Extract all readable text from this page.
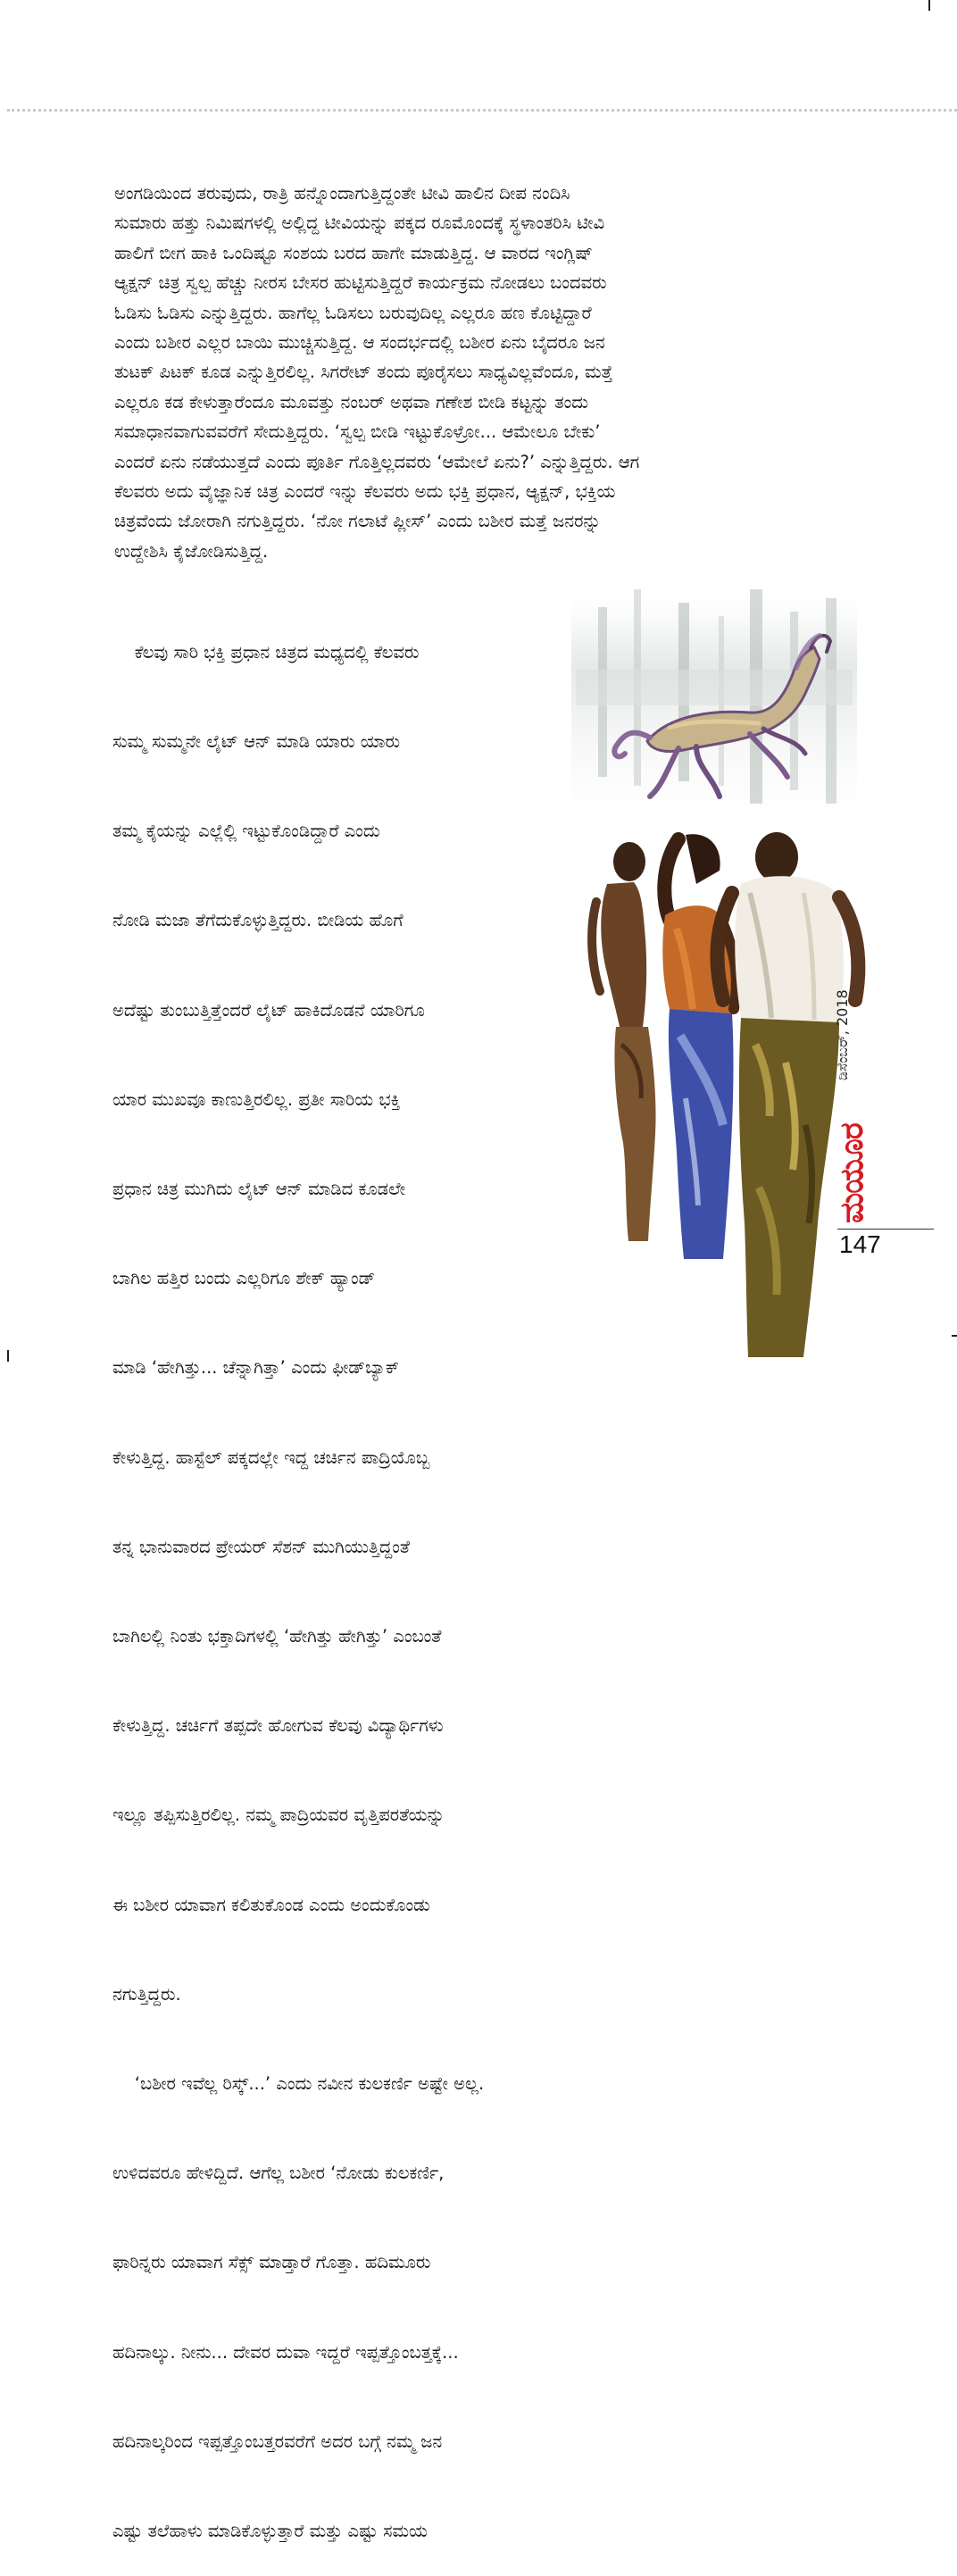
ಅಂಗಡಿಯಿಂದ ತರುವುದು, ರಾತ್ರಿ ಹನ್ನೊಂದಾಗುತ್ತಿದ್ದಂತೇ ಟೀವಿ ಹಾಲಿನ ದೀಪ ನಂದಿಸಿ
ಸುಮಾರು ಹತ್ತು ನಿಮಿಷಗಳಲ್ಲಿ ಅಲ್ಲಿದ್ದ ಟೀವಿಯನ್ನು ಪಕ್ಕದ ರೂಮೊಂದಕ್ಕೆ ಸ್ಥಳಾಂತರಿಸಿ ಟೀವಿ
ಹಾಲಿಗೆ ಬೀಗ ಹಾಕಿ ಒಂದಿಷ್ಟೂ ಸಂಶಯ ಬರದ ಹಾಗೇ ಮಾಡುತ್ತಿದ್ದ. ಆ ವಾರದ ಇಂಗ್ಲಿಷ್
ಆ್ಯಕ್ಷನ್ ಚಿತ್ರ ಸ್ವಲ್ಪ ಹೆಚ್ಚು ನೀರಸ ಬೇಸರ ಹುಟ್ಟಿಸುತ್ತಿದ್ದರೆ ಕಾರ್ಯಕ್ರಮ ನೋಡಲು ಬಂದವರು
ಓಡಿಸು ಓಡಿಸು ಎನ್ನುತ್ತಿದ್ದರು. ಹಾಗೆಲ್ಲ ಓಡಿಸಲು ಬರುವುದಿಲ್ಲ ಎಲ್ಲರೂ ಹಣ ಕೊಟ್ಟಿದ್ದಾರೆ
ಎಂದು ಬಶೀರ ಎಲ್ಲರ ಬಾಯಿ ಮುಚ್ಚಿಸುತ್ತಿದ್ದ. ಆ ಸಂದರ್ಭದಲ್ಲಿ ಬಶೀರ ಏನು ಬೈದರೂ ಜನ
ತುಟಕ್ ಪಿಟಕ್ ಕೂಡ ಎನ್ನುತ್ತಿರಲಿಲ್ಲ. ಸಿಗರೇಟ್ ತಂದು ಪೂರೈಸಲು ಸಾಧ್ಯವಿಲ್ಲವೆಂದೂ, ಮತ್ತೆ
ಎಲ್ಲರೂ ಕಡ ಕೇಳುತ್ತಾರೆಂದೂ ಮೂವತ್ತು ನಂಬರ್ ಅಥವಾ ಗಣೇಶ ಬೀಡಿ ಕಟ್ಟನ್ನು ತಂದು
ಸಮಾಧಾನವಾಗುವವರೆಗೆ ಸೇದುತ್ತಿದ್ದರು. ‘ಸ್ವಲ್ಪ ಬೀಡಿ ಇಟ್ಟುಕೊಳ್ರೋ... ಆಮೇಲೂ ಬೇಕು’
ಎಂದರೆ ಏನು ನಡೆಯುತ್ತದೆ ಎಂದು ಪೂರ್ತಿ ಗೊತ್ತಿಲ್ಲದವರು ‘ಆಮೇಲೆ ಏನು?’ ಎನ್ನುತ್ತಿದ್ದರು. ಆಗ
ಕೆಲವರು ಅದು ವೈಜ್ಞಾನಿಕ ಚಿತ್ರ ಎಂದರೆ ಇನ್ನು ಕೆಲವರು ಅದು ಭಕ್ತಿ ಪ್ರಧಾನ, ಆ್ಯಕ್ಷನ್, ಭಕ್ತಿಯ
ಚಿತ್ರವೆಂದು ಜೋರಾಗಿ ನಗುತ್ತಿದ್ದರು. ‘ನೋ ಗಲಾಟೆ ಪ್ಲೀಸ್’ ಎಂದು ಬಶೀರ ಮತ್ತೆ ಜನರನ್ನು
ಉದ್ದೇಶಿಸಿ ಕೈಜೋಡಿಸುತ್ತಿದ್ದ.

ಕೆಲವು ಸಾರಿ ಭಕ್ತಿ ಪ್ರಧಾನ ಚಿತ್ರದ ಮಧ್ಯದಲ್ಲಿ ಕೆಲವರು

ಸುಮ್ಮ ಸುಮ್ಮನೇ ಲೈಟ್ ಆನ್ ಮಾಡಿ ಯಾರು ಯಾರು

ತಮ್ಮ ಕೈಯನ್ನು ಎಲ್ಲೆಲ್ಲಿ ಇಟ್ಟುಕೊಂಡಿದ್ದಾರೆ ಎಂದು

ನೋಡಿ ಮಜಾ ತೆಗೆದುಕೊಳ್ಳುತ್ತಿದ್ದರು. ಬೀಡಿಯ ಹೊಗೆ

ಅದೆಷ್ಟು ತುಂಬುತ್ತಿತ್ತೆಂದರೆ ಲೈಟ್ ಹಾಕಿದೊಡನೆ ಯಾರಿಗೂ

ಯಾರ ಮುಖವೂ ಕಾಣುತ್ತಿರಲಿಲ್ಲ. ಪ್ರತೀ ಸಾರಿಯ ಭಕ್ತಿ

ಪ್ರಧಾನ ಚಿತ್ರ ಮುಗಿದು ಲೈಟ್ ಆನ್ ಮಾಡಿದ ಕೂಡಲೇ

ಬಾಗಿಲ ಹತ್ತಿರ ಬಂದು ಎಲ್ಲರಿಗೂ ಶೇಕ್ ಹ್ಯಾಂಡ್

ಮಾಡಿ ‘ಹೇಗಿತ್ತು... ಚೆನ್ನಾಗಿತ್ತಾ’ ಎಂದು ಫೀಡ್‌ಬ್ಯಾಕ್

ಕೇಳುತ್ತಿದ್ದ. ಹಾಸ್ಟೆಲ್ ಪಕ್ಕದಲ್ಲೇ ಇದ್ದ ಚರ್ಚಿನ ಪಾದ್ರಿಯೊಬ್ಬ

ತನ್ನ ಭಾನುವಾರದ ಪ್ರೇಯರ್ ಸೆಶನ್ ಮುಗಿಯುತ್ತಿದ್ದಂತೆ

ಬಾಗಿಲಲ್ಲಿ ನಿಂತು ಭಕ್ತಾದಿಗಳಲ್ಲಿ ‘ಹೇಗಿತ್ತು ಹೇಗಿತ್ತು’ ಎಂಬಂತೆ

ಕೇಳುತ್ತಿದ್ದ. ಚರ್ಚಿಗೆ ತಪ್ಪದೇ ಹೋಗುವ ಕೆಲವು ವಿದ್ಯಾರ್ಥಿಗಳು

ಇಲ್ಲೂ ತಪ್ಪಿಸುತ್ತಿರಲಿಲ್ಲ. ನಮ್ಮ ಪಾದ್ರಿಯವರ ವೃತ್ತಿಪರತೆಯನ್ನು

ಈ ಬಶೀರ ಯಾವಾಗ ಕಲಿತುಕೊಂಡ ಎಂದು ಅಂದುಕೊಂಡು

ನಗುತ್ತಿದ್ದರು.

‘ಬಶೀರ ಇವೆಲ್ಲ ರಿಸ್ಕ್...’ ಎಂದು ನವೀನ ಕುಲಕರ್ಣಿ ಅಷ್ಟೇ ಅಲ್ಲ.

ಉಳಿದವರೂ ಹೇಳಿದ್ದಿದೆ. ಆಗೆಲ್ಲ ಬಶೀರ ‘ನೋಡು ಕುಲಕರ್ಣಿ,

ಫಾರಿನ್ನರು ಯಾವಾಗ ಸೆಕ್ಸ್ ಮಾಡ್ತಾರೆ ಗೊತ್ತಾ. ಹದಿಮೂರು

ಹದಿನಾಲ್ಕು. ನೀನು... ದೇವರ ದುವಾ ಇದ್ದರೆ ಇಪ್ಪತ್ತೊಂಬತ್ತಕ್ಕೆ...

ಹದಿನಾಲ್ಕರಿಂದ ಇಪ್ಪತ್ತೊಂಬತ್ತರವರೆಗೆ ಅದರ ಬಗ್ಗೆ ನಮ್ಮ ಜನ

ಎಷ್ಟು ತಲೆಹಾಳು ಮಾಡಿಕೊಳ್ಳುತ್ತಾರೆ ಮತ್ತು ಎಷ್ಟು ಸಮಯ

ಡಿಸೆಂಬರ್, 2018
ಮಯೂರ
147
